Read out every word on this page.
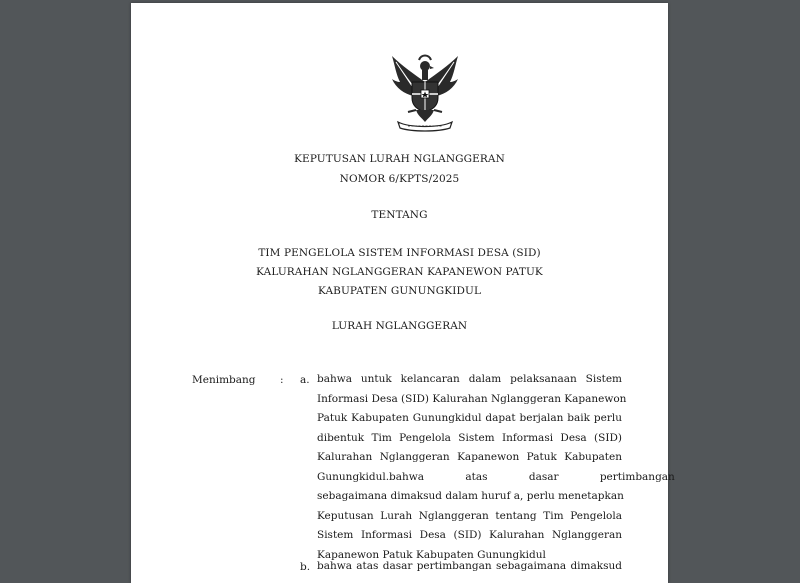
KEPUTUSAN LURAH NGLANGGERAN
NOMOR 6/KPTS/2025
TENTANG
TIM PENGELOLA SISTEM INFORMASI DESA (SID)
KALURAHAN NGLANGGERAN KAPANEWON PATUK
KABUPATEN GUNUNGKIDUL
LURAH NGLANGGERAN
Menimbang : a. bahwa untuk kelancaran dalam pelaksanaan Sistem
Informasi Desa (SID) Kalurahan Nglanggeran Kapanewon
Patuk Kabupaten Gunungkidul dapat berjalan baik perlu
dibentuk Tim Pengelola Sistem Informasi Desa (SID)
Kalurahan Nglanggeran Kapanewon Patuk Kabupaten
Gunungkidul.bahwa atas dasar pertimbangan
sebagaimana dimaksud dalam huruf a, perlu menetapkan
Keputusan Lurah Nglanggeran tentang Tim Pengelola
Sistem Informasi Desa (SID) Kalurahan Nglanggeran
Kapanewon Patuk Kabupaten Gunungkidul
b. bahwa atas dasar pertimbangan sebagaimana dimaksud
